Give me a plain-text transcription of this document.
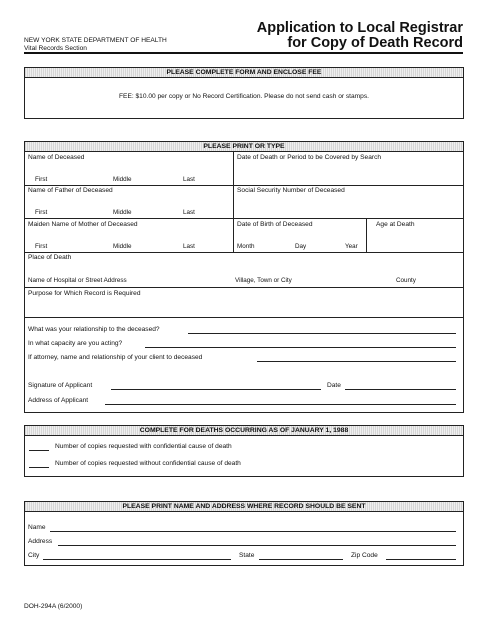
NEW YORK STATE DEPARTMENT OF HEALTH
Vital Records Section
Application to Local Registrar
for Copy of Death Record
PLEASE COMPLETE FORM AND ENCLOSE FEE
FEE: $10.00 per copy or No Record Certification. Please do not send cash or stamps.
PLEASE PRINT OR TYPE
Name of Deceased	Date of Death or Period to be Covered by Search
First	Middle	Last
Name of Father of Deceased	Social Security Number of Deceased
First	Middle	Last
Maiden Name of Mother of Deceased	Date of Birth of Deceased	Age at Death
First	Middle	Last	Month	Day	Year
Place of Death
Name of Hospital or Street Address	Village, Town or City	County
Purpose for Which Record is Required
What was your relationship to the deceased?
In what capacity are you acting?
If attorney, name and relationship of your client to deceased
Signature of Applicant	Date
Address of Applicant
COMPLETE FOR DEATHS OCCURRING AS OF JANUARY 1, 1988
Number of copies requested with confidential cause of death
Number of copies requested without confidential cause of death
PLEASE PRINT NAME AND ADDRESS WHERE RECORD SHOULD BE SENT
Name
Address
City	State	Zip Code
DOH-294A (6/2000)
